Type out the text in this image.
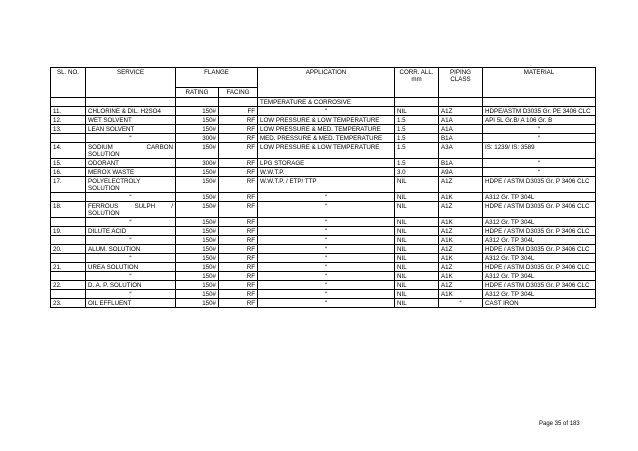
SL. NO.	SERVICE	FLANGE		APPLICATION	CORR. ALL. mm	PIPING CLASS	MATERIAL
		RATING	FACING				
				TEMPERATURE & CORROSIVE			
11.	CHLORINE & DIL. H2SO4	150#	FF	“	NIL	A1Z	HDPE/ASTM D3035 Gr. PE 3406 CLC
12.	WET SOLVENT	150#	RF	LOW PRESSURE & LOW TEMPERATURE	1.5	A1A	API 5L Gr.B/ A 106 Gr. B
13.	LEAN SOLVENT	150#	RF	LOW PRESSURE & MED. TEMPERATURE	1.5	A1A	“
	“	300#	RF	MED. PRESSURE & MED. TEMPERATURE	1.5	B1A	“
14.	SODIUM CARBON SOLUTION	150#	RF	LOW PRESSURE & LOW TEMPERATURE	1.5	A3A	IS: 1239/ IS: 3589
15.	ODORANT	300#	RF	LPG STORAGE	1.5	B1A	“
16.	MEROX WASTE	150#	RF	W.W.T.P.	3.0	A9A	“
17.	POLYELECTROLY SOLUTION	150#	RF	W.W.T.P. / ETP/ TTP	NIL	A1Z	HDPE / ASTM D3035 Gr. P 3406 CLC
	“	150#	RF	“	NIL	A1K	A312 Gr. TP 304L
18.	FERROUS SULPH / SOLUTION	150#	RF	“	NIL	A1Z	HDPE / ASTM D3035 Gr. P 3406 CLC
	“	150#	RF	“	NIL	A1K	A312 Gr. TP 304L
19.	DILUTE ACID	150#	RF	“	NIL	A1Z	HDPE / ASTM D3035 Gr. P 3406 CLC
	“	150#	RF	“	NIL	A1K	A312 Gr. TP 304L
20.	ALUM. SOLUTION	150#	RF	“	NIL	A1Z	HDPE / ASTM D3035 Gr. P 3406 CLC
	“	150#	RF	“	NIL	A1K	A312 Gr. TP 304L
21.	UREA SOLUTION	150#	RF	“	NIL	A1Z	HDPE / ASTM D3035 Gr. P 3406 CLC
	“	150#	RF	“	NIL	A1K	A312 Gr. TP 304L
22.	D. A. P. SOLUTION	150#	RF	“	NIL	A1Z	HDPE / ASTM D3035 Gr. P 3406 CLC
	“	150#	RF	“	NIL	A1K	A312 Gr. TP 304L
23.	OIL EFFLUENT	150#	RF	“	NIL	“	CAST IRON
Page 35 of 183
